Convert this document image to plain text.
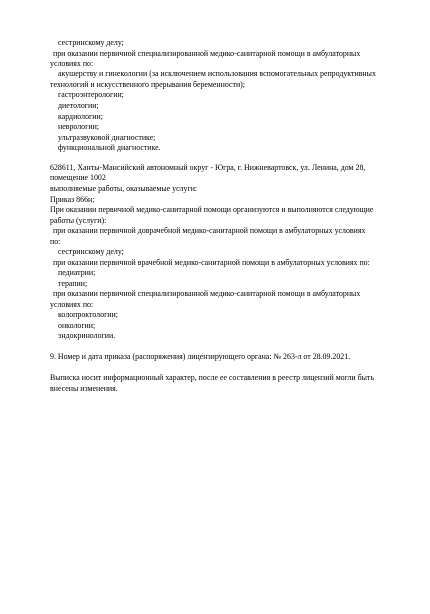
сестринскому делу;
при оказании первичной специализированной медико-санитарной помощи в амбулаторных
условиях по:
акушерству и гинекологии (за исключением использования вспомогательных репродуктивных
технологий и искусственного прерывания беременности);
гастроэнтерологии;
диетологии;
кардиологии;
неврологии;
ультразвуковой диагностике;
функциональной диагностике.
628611, Ханты-Мансийский автономный округ - Югра, г. Нижневартовск, ул. Ленина, дом 28,
помещение 1002
выполняемые работы, оказываемые услуги:
Приказ 866н;
При оказании первичной медико-санитарной помощи организуются и выполняются следующие
работы (услуги):
при оказании первичной доврачебной медико-санитарной помощи в амбулаторных условиях
по:
сестринскому делу;
при оказании первичной врачебной медико-санитарной помощи в амбулаторных условиях по:
педиатрии;
терапии;
при оказании первичной специализированной медико-санитарной помощи в амбулаторных
условиях по:
колопроктологии;
онкологии;
эндокринологии.
9. Номер и дата приказа (распоряжения) лицензирующего органа: № 263-л от 28.09.2021.
Выписка носит информационный характер, после ее составления в реестр лицензий могли быть
внесены изменения.
